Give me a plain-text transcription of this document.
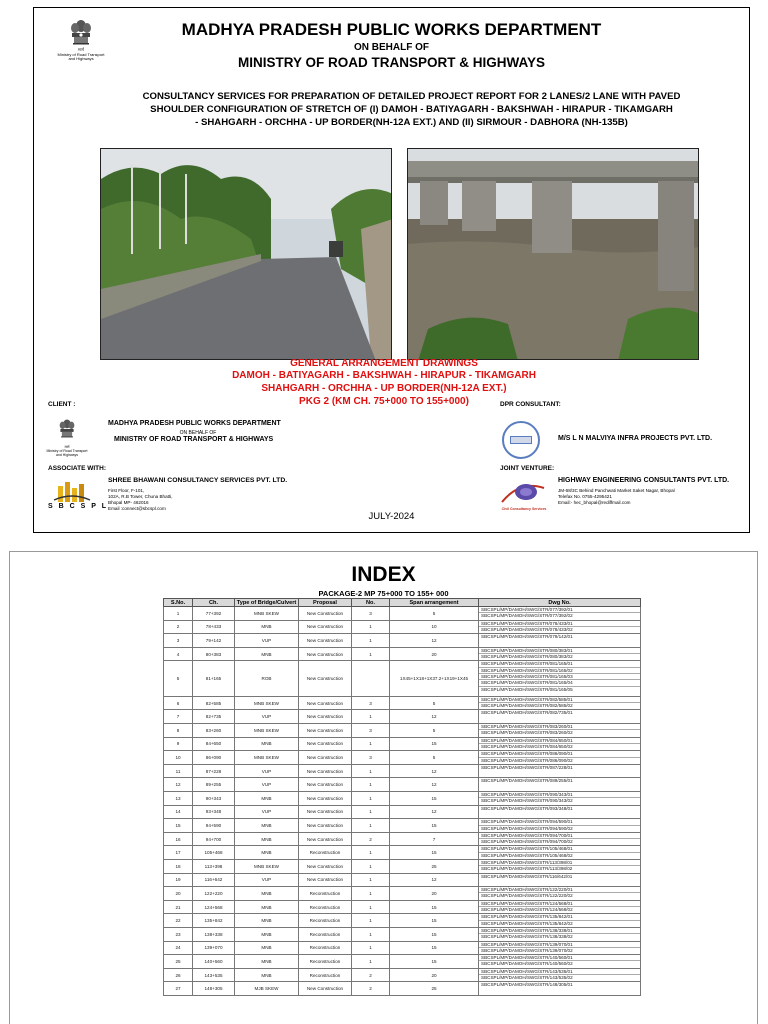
मार्ग
Ministry of Road Transport
and Highways
MADHYA PRADESH PUBLIC WORKS DEPARTMENT
ON BEHALF OF
MINISTRY OF ROAD TRANSPORT & HIGHWAYS
CONSULTANCY SERVICES FOR PREPARATION OF DETAILED PROJECT REPORT FOR 2 LANES/2 LANE WITH PAVED
SHOULDER CONFIGURATION OF STRETCH OF (I) DAMOH - BATIYAGARH - BAKSHWAH - HIRAPUR - TIKAMGARH
- SHAHGARH - ORCHHA - UP BORDER(NH-12A EXT.) AND (II) SIRMOUR - DABHORA (NH-135B)
GENERAL ARRANGEMENT DRAWINGS
DAMOH - BATIYAGARH - BAKSHWAH - HIRAPUR - TIKAMGARH
SHAHGARH - ORCHHA - UP BORDER(NH-12A EXT.)
PKG 2 (KM CH. 75+000 TO 155+000)
CLIENT :
मार्ग
Ministry of Road Transport
and Highways
MADHYA PRADESH PUBLIC WORKS DEPARTMENT
ON BEHALF OF
MINISTRY OF ROAD TRANSPORT & HIGHWAYS
DPR CONSULTANT:
M/S L N MALVIYA INFRA PROJECTS PVT. LTD.
ASSOCIATE WITH:
S B C S P L
SHREE BHAWANI CONSULTANCY SERVICES PVT. LTD.
First Floor, F-101,
102A, R.B Tower, Chuna Bhatti,
Bhopal MP- 462016
Email :connect@sbcspl.com
JOINT VENTURE:
Civil Consultancy Services
HIGHWAY ENGINEERING CONSULTANTS PVT. LTD.
JM-68/3C Behind Panchwati Market Saket Nagar, Bhopal
Telefax No. 0755-4295421
Email:- hec_bhopal@rediffmail.com
JULY-2024
INDEX
PACKAGE-2 MP 75+000 TO 155+ 000
S.No.	Ch.	Type of Bridge/Culvert	Proposal	No.	Span arrangement	Dwg No.
1	77+392	MNB SKEW	New Construction	3	5	SBCSPL/MP/DAMOH/SWG/STR/077/392/01
SBCSPL/MP/DAMOH/SWG/STR/077/392/02

2	78+433	MNB	New Construction	1	10	SBCSPL/MP/DAMOH/SWG/STR/078/433/01
SBCSPL/MP/DAMOH/SWG/STR/078/433/02

3	79+142	VUP	New Construction	1	12	SBCSPL/MP/DAMOH/SWG/STR/079/142/01

4	80+383	MNB	New Construction	1	20	SBCSPL/MP/DAMOH/SWG/STR/080/383/01
SBCSPL/MP/DAMOH/SWG/STR/080/383/02

5	81+165	ROB	New Construction		1X45+1X18+1X37.2+1X19+1X45	SBCSPL/MP/DAMOH/SWG/STR/081/165/01
SBCSPL/MP/DAMOH/SWG/STR/081/165/02
SBCSPL/MP/DAMOH/SWG/STR/081/165/03
SBCSPL/MP/DAMOH/SWG/STR/081/165/04
SBCSPL/MP/DAMOH/SWG/STR/081/165/05

6	82+585	MNB SKEW	New Construction	3	5	SBCSPL/MP/DAMOH/SWG/STR/082/585/01
SBCSPL/MP/DAMOH/SWG/STR/082/585/02

7	82+735	VUP	New Construction	1	12	SBCSPL/MP/DAMOH/SWG/STR/082/735/01

8	83+260	MNB SKEW	New Construction	3	5	SBCSPL/MP/DAMOH/SWG/STR/083/260/01
SBCSPL/MP/DAMOH/SWG/STR/083/260/02

9	84+650	MNB	New Construction	1	15	SBCSPL/MP/DAMOH/SWG/STR/084/650/01
SBCSPL/MP/DAMOH/SWG/STR/084/650/02

10	86+090	MNB SKEW	New Construction	3	5	SBCSPL/MP/DAMOH/SWG/STR/086/090/01
SBCSPL/MP/DAMOH/SWG/STR/086/090/02

11	87+228	VUP	New Construction	1	12	SBCSPL/MP/DAMOH/SWG/STR/087/228/01

12	89+255	VUP	New Construction	1	12	SBCSPL/MP/DAMOH/SWG/STR/089/255/01

13	90+343	MNB	New Construction	1	15	SBCSPL/MP/DAMOH/SWG/STR/090/343/01
SBCSPL/MP/DAMOH/SWG/STR/090/343/02

14	93+348	VUP	New Construction	1	12	SBCSPL/MP/DAMOH/SWG/STR/093/348/01

15	94+590	MNB	New Construction	1	15	SBCSPL/MP/DAMOH/SWG/STR/094/590/01
SBCSPL/MP/DAMOH/SWG/STR/094/590/02

16	94+700	MNB	New Construction	2	7	SBCSPL/MP/DAMOH/SWG/STR/094/700/01
SBCSPL/MP/DAMOH/SWG/STR/094/700/02

17	105+468	MNB	Reconstruction	1	15	SBCSPL/MP/DAMOH/SWG/STR/105/468/01
SBCSPL/MP/DAMOH/SWG/STR/105/468/02

18	113+398	MNB SKEW	New Construction	1	25	SBCSPL/MP/DAMOH/SWG/STR/113/398/01
SBCSPL/MP/DAMOH/SWG/STR/113/398/02

19	116+642	VUP	New Construction	1	12	SBCSPL/MP/DAMOH/SWG/STR/116/642/01

20	122+220	MNB	Reconstruction	1	20	SBCSPL/MP/DAMOH/SWG/STR/122/220/01
SBCSPL/MP/DAMOH/SWG/STR/122/220/02

21	124+568	MNB	Reconstruction	1	15	SBCSPL/MP/DAMOH/SWG/STR/124/568/01
SBCSPL/MP/DAMOH/SWG/STR/124/568/02

22	135+842	MNB	Reconstruction	1	15	SBCSPL/MP/DAMOH/SWG/STR/135/842/01
SBCSPL/MP/DAMOH/SWG/STR/135/842/02

23	138+338	MNB	Reconstruction	1	15	SBCSPL/MP/DAMOH/SWG/STR/138/338/01
SBCSPL/MP/DAMOH/SWG/STR/138/338/02

24	139+070	MNB	Reconstruction	1	15	SBCSPL/MP/DAMOH/SWG/STR/139/070/01
SBCSPL/MP/DAMOH/SWG/STR/139/070/02

25	140+560	MNB	Reconstruction	1	15	SBCSPL/MP/DAMOH/SWG/STR/140/560/01
SBCSPL/MP/DAMOH/SWG/STR/140/560/02

26	143+535	MNB	Reconstruction	2	20	SBCSPL/MP/DAMOH/SWG/STR/143/535/01
SBCSPL/MP/DAMOH/SWG/STR/143/535/02

27	148+305	MJB SKEW	New Construction	2	25	SBCSPL/MP/DAMOH/SWG/STR/148/305/01
